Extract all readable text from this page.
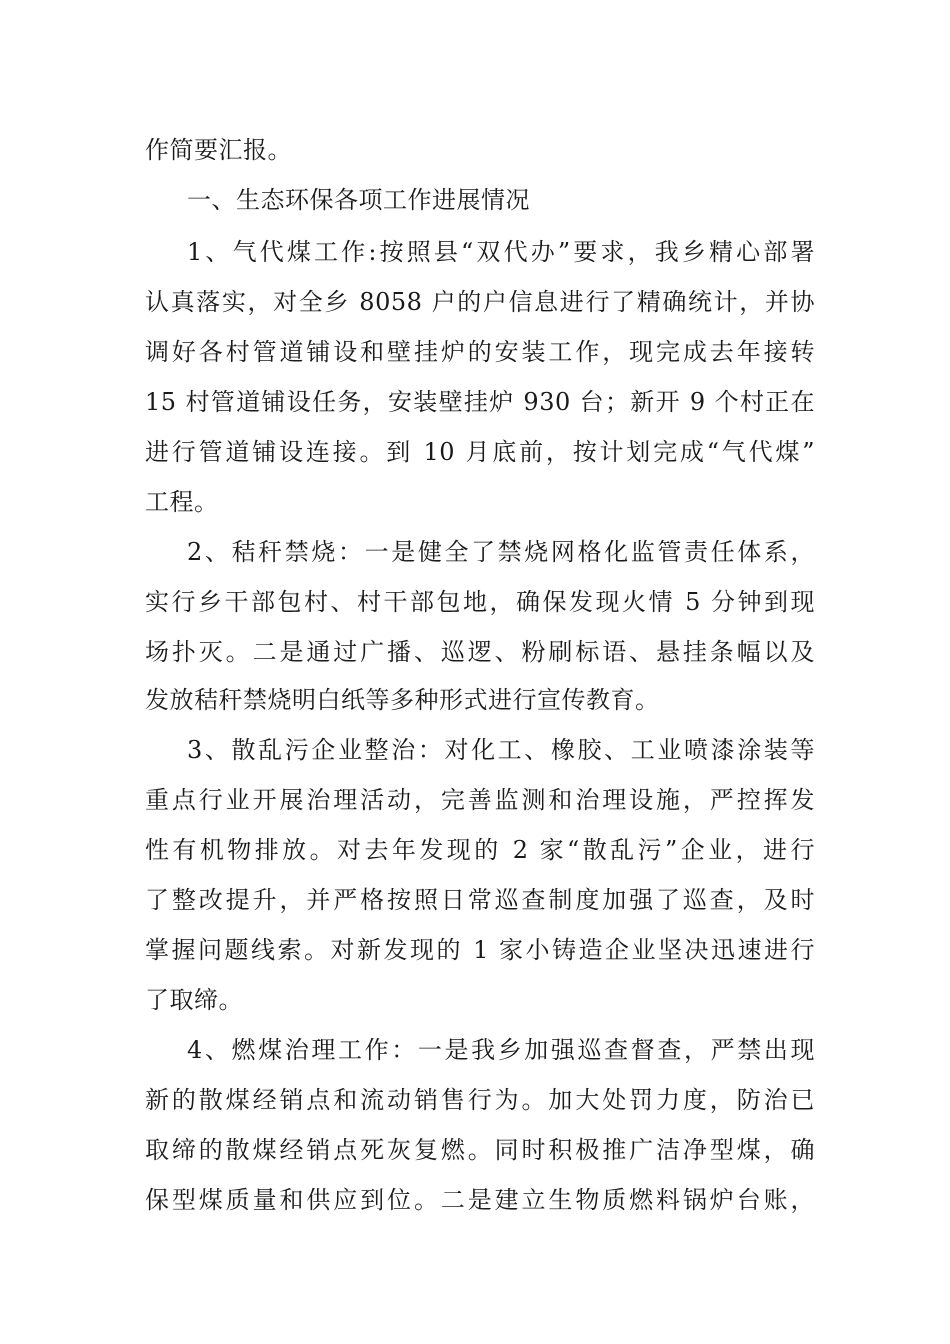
作简要汇报。
一、生态环保各项工作进展情况
1、气代煤工作:按照县“双代办”要求，我乡精心部署
认真落实，对全乡 8058 户的户信息进行了精确统计，并协
调好各村管道铺设和壁挂炉的安装工作，现完成去年接转
15 村管道铺设任务，安装壁挂炉 930 台；新开 9 个村正在
进行管道铺设连接。到 10 月底前，按计划完成“气代煤”
工程。
2、秸秆禁烧：一是健全了禁烧网格化监管责任体系，
实行乡干部包村、村干部包地，确保发现火情 5 分钟到现
场扑灭。二是通过广播、巡逻、粉刷标语、悬挂条幅以及
发放秸秆禁烧明白纸等多种形式进行宣传教育。
3、散乱污企业整治：对化工、橡胶、工业喷漆涂装等
重点行业开展治理活动，完善监测和治理设施，严控挥发
性有机物排放。对去年发现的 2 家“散乱污”企业，进行
了整改提升，并严格按照日常巡查制度加强了巡查，及时
掌握问题线索。对新发现的 1 家小铸造企业坚决迅速进行
了取缔。
4、燃煤治理工作：一是我乡加强巡查督查，严禁出现
新的散煤经销点和流动销售行为。加大处罚力度，防治已
取缔的散煤经销点死灰复燃。同时积极推广洁净型煤，确
保型煤质量和供应到位。二是建立生物质燃料锅炉台账，
